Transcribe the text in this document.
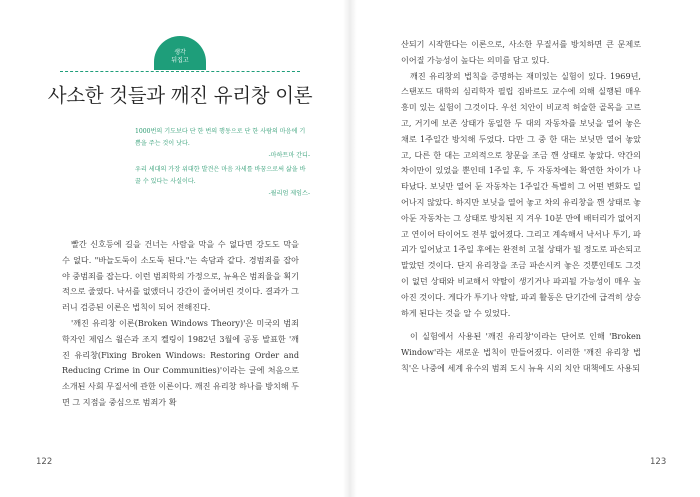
생각
뒤집고
사소한 것들과 깨진 유리창 이론

1000번의 기도보다 단 한 번의 행동으로 단 한 사람의 마음에 기쁨을 주는 것이 낫다.

-마하트마 간디-

우리 세대의 가장 위대한 발견은 마음 자세를 바꿈으로써 삶을 바꿀 수 있다는 사실이다.

-윌리엄 제임스-

빨간 신호등에 길을 건너는 사람을 막을 수 없다면 강도도 막을 수 없다. "바늘도둑이 소도둑 된다."는 속담과 같다. 경범죄를 잡아야 중범죄를 잡는다. 이런 범죄학의 가정으로, 뉴욕은 범죄율을 획기적으로 줄였다. 낙서를 없앴더니 강간이 줄어버린 것이다. 결과가 그러니 검증된 이론은 법칙이 되어 전해진다.

'깨진 유리창 이론(Broken Windows Theory)'은 미국의 범죄학자인 제임스 윌슨과 조지 켈링이 1982년 3월에 공동 발표한 '깨진 유리창(Fixing Broken Windows: Restoring Order and Reducing Crime in Our Communities)'이라는 글에 처음으로 소개된 사회 무질서에 관한 이론이다. 깨진 유리창 하나를 방치해 두면 그 지점을 중심으로 범죄가 확

122

산되기 시작한다는 이론으로, 사소한 무질서를 방치하면 큰 문제로 이어질 가능성이 높다는 의미를 담고 있다.

깨진 유리창의 법칙을 증명하는 재미있는 실험이 있다. 1969년, 스탠포드 대학의 심리학자 필립 짐바르도 교수에 의해 실행된 매우 흥미 있는 실험이 그것이다. 우선 치안이 비교적 허술한 골목을 고르고, 거기에 보존 상태가 동일한 두 대의 자동차를 보닛을 열어 놓은 채로 1주일간 방치해 두었다. 다만 그 중 한 대는 보닛만 열어 놓았고, 다른 한 대는 고의적으로 창문을 조금 깬 상태로 놓았다. 약간의 차이만이 있었을 뿐인데 1주일 후, 두 자동차에는 확연한 차이가 나타났다. 보닛만 열어 둔 자동차는 1주일간 특별히 그 어떤 변화도 일어나지 않았다. 하지만 보닛을 열어 놓고 차의 유리창을 깬 상태로 놓아둔 자동차는 그 상태로 방치된 지 겨우 10분 만에 배터리가 없어지고 연이어 타이어도 전부 없어졌다. 그리고 계속해서 낙서나 투기, 파괴가 일어났고 1주일 후에는 완전히 고철 상태가 될 정도로 파손되고 말았던 것이다. 단지 유리창을 조금 파손시켜 놓은 것뿐인데도 그것이 없던 상태와 비교해서 약탈이 생기거나 파괴될 가능성이 매우 높아진 것이다. 게다가 투기나 약탈, 파괴 활동은 단기간에 급격히 상승하게 된다는 것을 알 수 있었다.

이 실험에서 사용된 '깨진 유리창'이라는 단어로 인해 'Broken Window'라는 새로운 법칙이 만들어졌다. 이러한 '깨진 유리창 법칙'은 나중에 세계 유수의 범죄 도시 뉴욕 시의 치안 대책에도 사용되

123
